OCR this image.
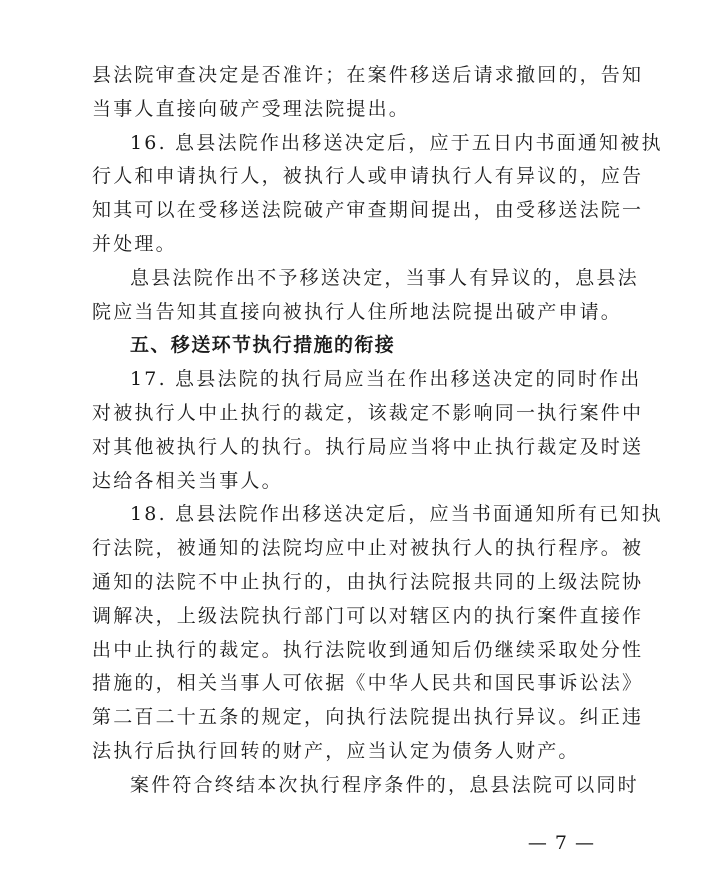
县法院审查决定是否准许；在案件移送后请求撤回的，告知
当事人直接向破产受理法院提出。
16. 息县法院作出移送决定后，应于五日内书面通知被执
行人和申请执行人，被执行人或申请执行人有异议的，应告
知其可以在受移送法院破产审查期间提出，由受移送法院一
并处理。
息县法院作出不予移送决定，当事人有异议的，息县法
院应当告知其直接向被执行人住所地法院提出破产申请。
五、移送环节执行措施的衔接
17. 息县法院的执行局应当在作出移送决定的同时作出
对被执行人中止执行的裁定，该裁定不影响同一执行案件中
对其他被执行人的执行。执行局应当将中止执行裁定及时送
达给各相关当事人。
18. 息县法院作出移送决定后，应当书面通知所有已知执
行法院，被通知的法院均应中止对被执行人的执行程序。被
通知的法院不中止执行的，由执行法院报共同的上级法院协
调解决，上级法院执行部门可以对辖区内的执行案件直接作
出中止执行的裁定。执行法院收到通知后仍继续采取处分性
措施的，相关当事人可依据《中华人民共和国民事诉讼法》
第二百二十五条的规定，向执行法院提出执行异议。纠正违
法执行后执行回转的财产，应当认定为债务人财产。
案件符合终结本次执行程序条件的，息县法院可以同时
— 7 —
